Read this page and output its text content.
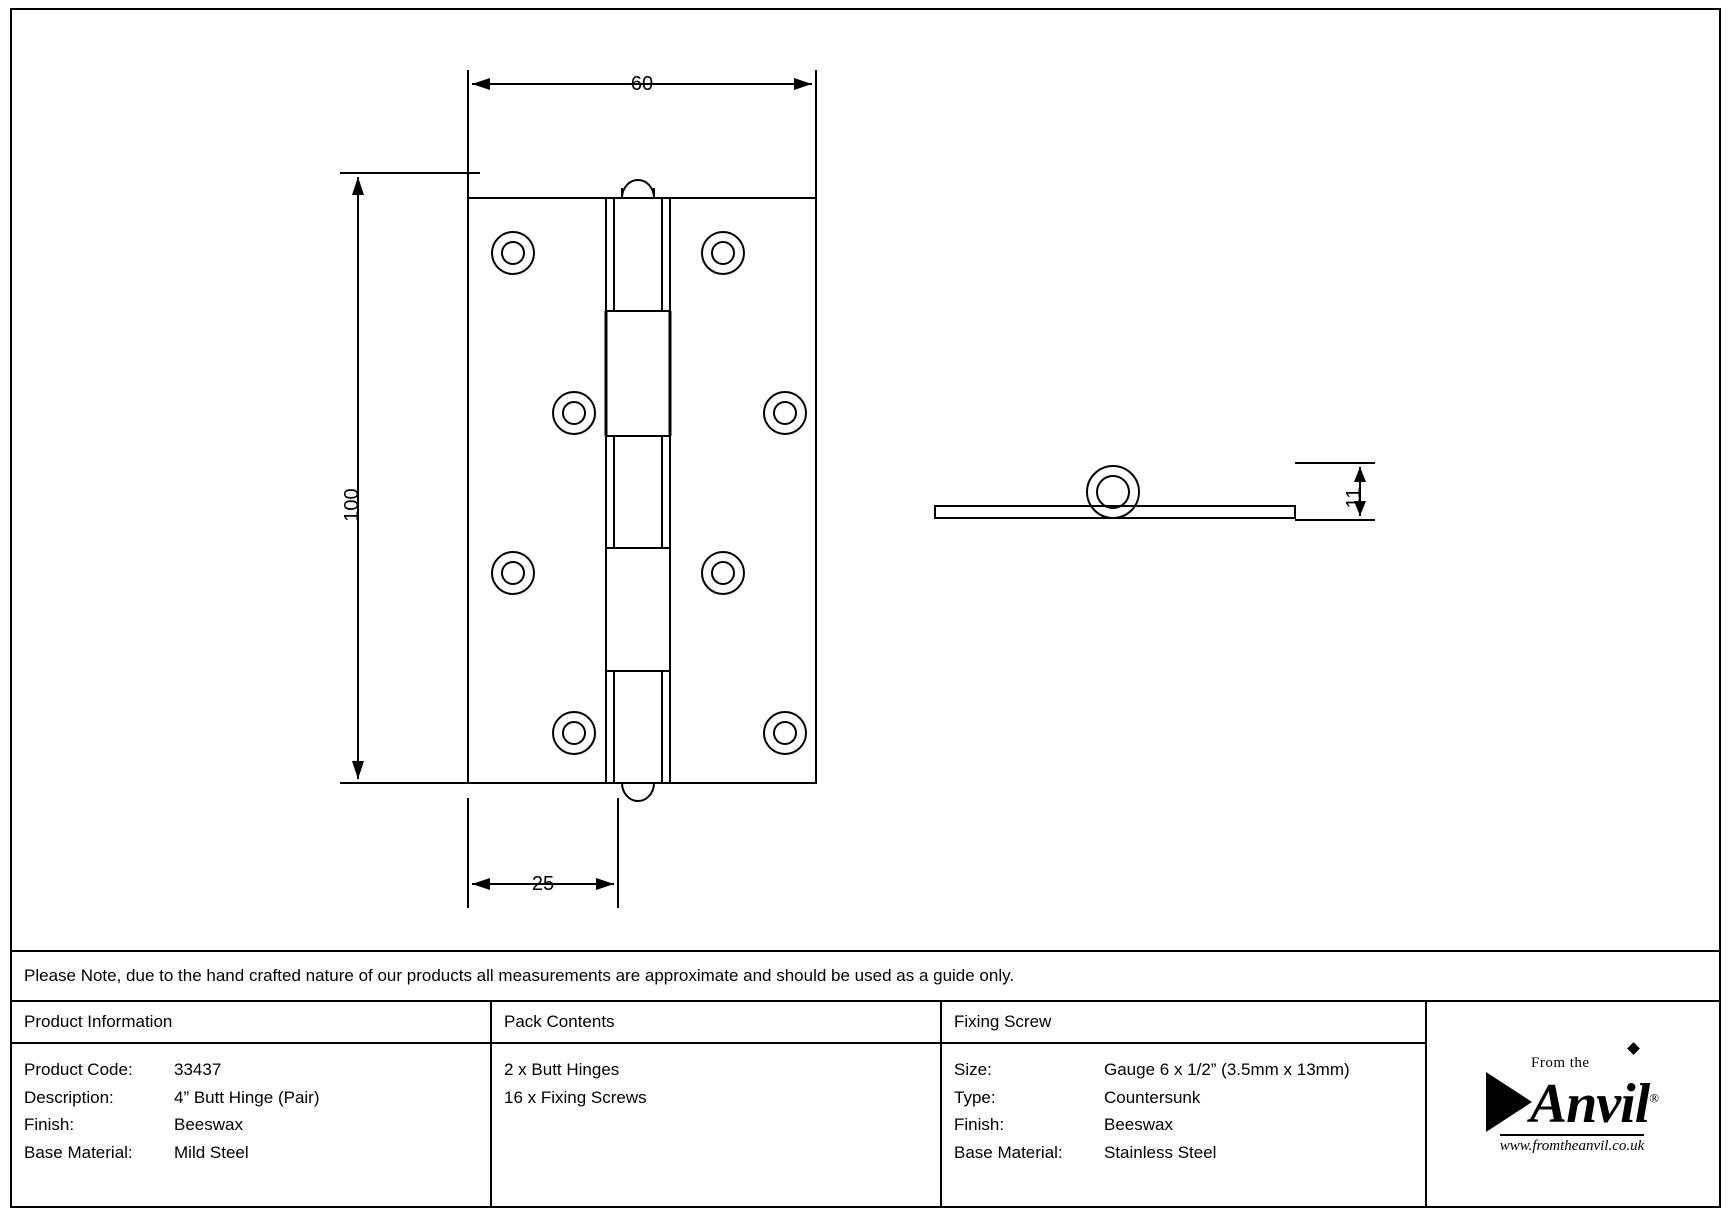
60
100
25
11
Please Note, due to the hand crafted nature of our products all measurements are approximate and should be used as a guide only.
Product Information
Product Code:	33437
Description:	4” Butt Hinge (Pair)
Finish:	Beeswax
Base Material:	Mild Steel
Pack Contents
2 x Butt Hinges
16 x Fixing Screws
Fixing Screw
Size:	Gauge 6 x 1/2” (3.5mm x 13mm)
Type:	Countersunk
Finish:	Beeswax
Base Material:	Stainless Steel
From the
Anvil®
www.fromtheanvil.co.uk
